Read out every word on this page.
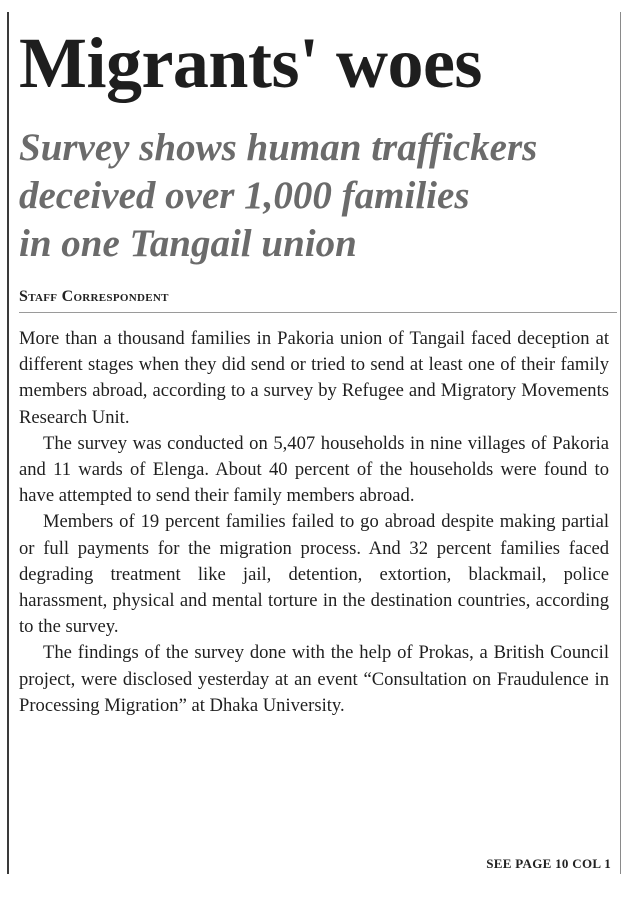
Migrants' woes
Survey shows human traffickers
deceived over 1,000 families
in one Tangail union
Staff Correspondent

More than a thousand families in Pakoria union of Tangail faced deception at different stages when they did send or tried to send at least one of their family members abroad, according to a survey by Refugee and Migratory Movements Research Unit.

The survey was conducted on 5,407 households in nine villages of Pakoria and 11 wards of Elenga. About 40 percent of the households were found to have attempted to send their family members abroad.

Members of 19 percent families failed to go abroad despite making partial or full payments for the migration process. And 32 percent families faced degrading treatment like jail, detention, extortion, blackmail, police harassment, physical and mental torture in the destination countries, according to the survey.

The findings of the survey done with the help of Prokas, a British Council project, were disclosed yesterday at an event “Consultation on Fraudulence in Processing Migration” at Dhaka University.

SEE PAGE 10 COL 1
